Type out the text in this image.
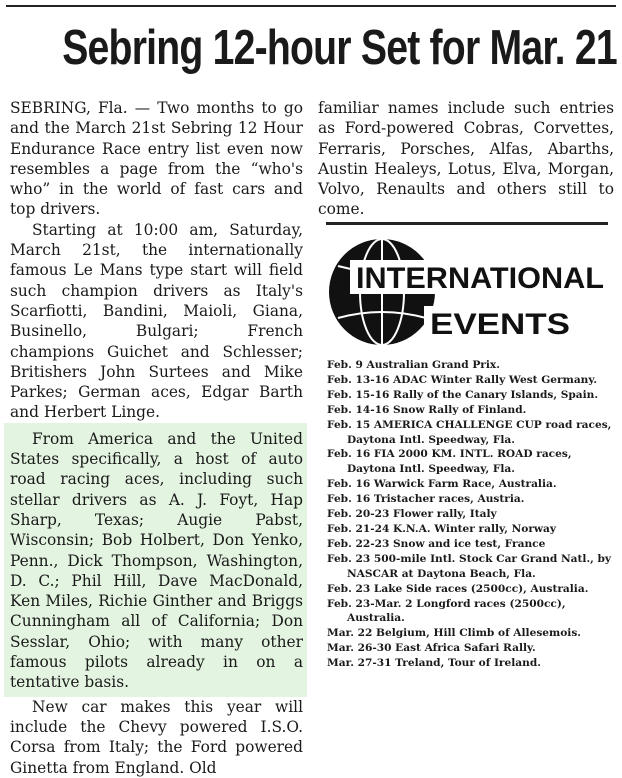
Sebring 12-hour Set for Mar. 21

SEBRING, Fla. — Two months to go and the March 21st Sebring 12 Hour Endurance Race entry list even now resembles a page from the “who's who” in the world of fast cars and top drivers.

Starting at 10:00 am, Saturday, March 21st, the internationally famous Le Mans type start will field such champion drivers as Italy's Scarfiotti, Bandini, Maioli, Giana, Businello, Bulgari; French champions Guichet and Schlesser; Britishers John Surtees and Mike Parkes; German aces, Edgar Barth and Herbert Linge.

From America and the United States specifically, a host of auto road racing aces, including such stellar drivers as A. J. Foyt, Hap Sharp, Texas; Augie Pabst, Wisconsin; Bob Holbert, Don Yenko, Penn., Dick Thompson, Washington, D. C.; Phil Hill, Dave MacDonald, Ken Miles, Richie Ginther and Briggs Cunningham all of California; Don Sesslar, Ohio; with many other famous pilots already in on a tentative basis.

New car makes this year will include the Chevy powered I.S.O. Corsa from Italy; the Ford powered Ginetta from England. Old

familiar names include such entries as Ford-powered Cobras, Corvettes, Ferraris, Porsches, Alfas, Abarths, Austin Healeys, Lotus, Elva, Morgan, Volvo, Renaults and others still to come.

INTERNATIONAL
EVENTS
Feb. 9 Australian Grand Prix.
Feb. 13-16 ADAC Winter Rally West Germany.
Feb. 15-16 Rally of the Canary Islands, Spain.
Feb. 14-16 Snow Rally of Finland.
Feb. 15 AMERICA CHALLENGE CUP road races, Daytona Intl. Speedway, Fla.
Feb. 16 FIA 2000 KM. INTL. ROAD races, Daytona Intl. Speedway, Fla.
Feb. 16 Warwick Farm Race, Australia.
Feb. 16 Tristacher races, Austria.
Feb. 20-23 Flower rally, Italy
Feb. 21-24 K.N.A. Winter rally, Norway
Feb. 22-23 Snow and ice test, France
Feb. 23 500-mile Intl. Stock Car Grand Natl., by NASCAR at Daytona Beach, Fla.
Feb. 23 Lake Side races (2500cc), Australia.
Feb. 23-Mar. 2 Longford races (2500cc), Australia.
Mar. 22 Belgium, Hill Climb of Allesemois.
Mar. 26-30 East Africa Safari Rally.
Mar. 27-31 Treland, Tour of Ireland.
